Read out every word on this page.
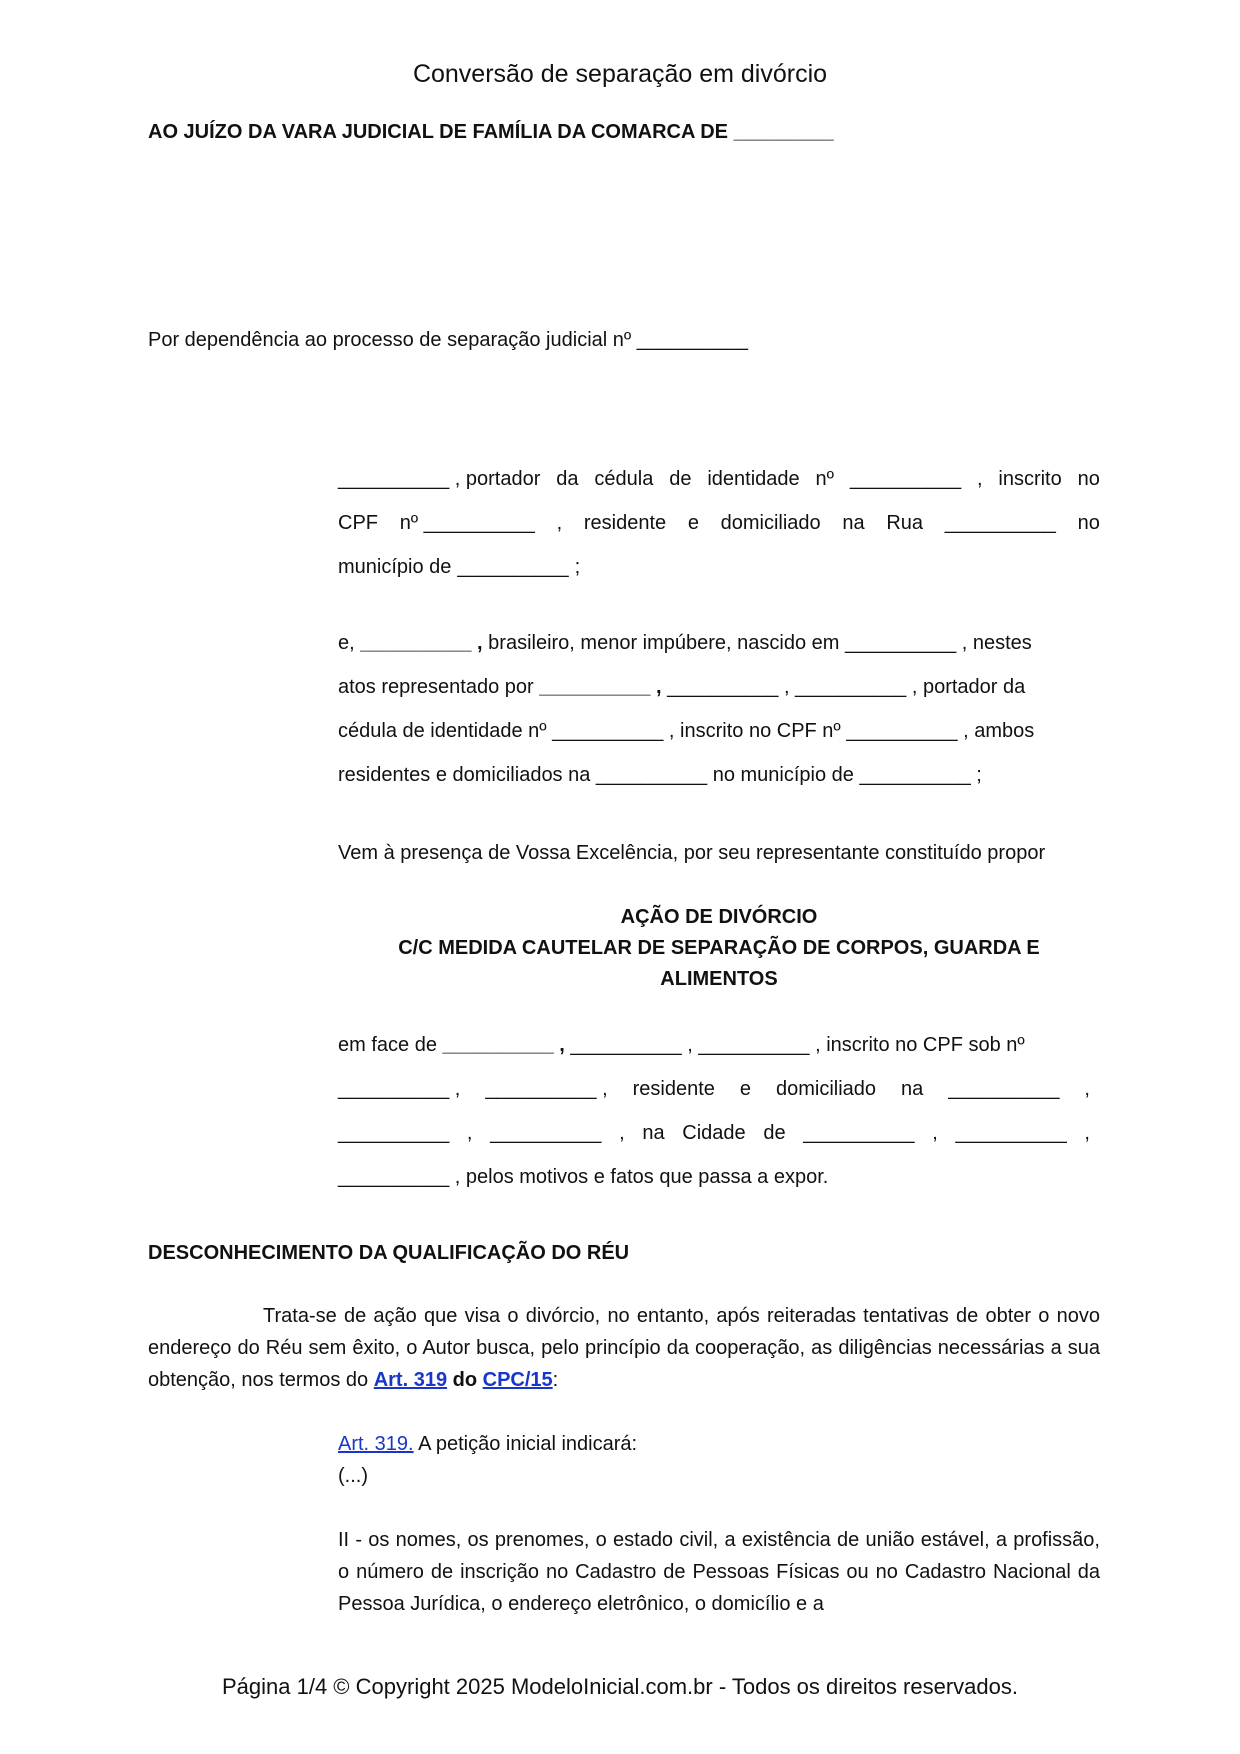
Conversão de separação em divórcio
AO JUÍZO DA VARA JUDICIAL DE FAMÍLIA DA COMARCA DE _________
Por dependência ao processo de separação judicial nº __________
__________ , portador da cédula de identidade nº __________ , inscrito no
CPF nº __________ , residente e domiciliado na Rua __________ no
município de __________ ;
e, __________ , brasileiro, menor impúbere, nascido em __________ , nestes
atos representado por __________ , __________ , __________ , portador da
cédula de identidade nº __________ , inscrito no CPF nº __________ , ambos
residentes e domiciliados na __________ no município de __________ ;
Vem à presença de Vossa Excelência, por seu representante constituído propor
AÇÃO DE DIVÓRCIO
C/C MEDIDA CAUTELAR DE SEPARAÇÃO DE CORPOS, GUARDA E
ALIMENTOS
em face de __________ , __________ , __________ , inscrito no CPF sob nº
__________ , __________ , residente e domiciliado na __________ ,
__________ , __________ , na Cidade de __________ , __________ ,
__________ , pelos motivos e fatos que passa a expor.
DESCONHECIMENTO DA QUALIFICAÇÃO DO RÉU
Trata-se de ação que visa o divórcio, no entanto, após reiteradas tentativas de obter o novo endereço do Réu sem êxito, o Autor busca, pelo princípio da cooperação, as diligências necessárias a sua obtenção, nos termos do Art. 319 do CPC/15:
Art. 319. A petição inicial indicará:
(...)
II - os nomes, os prenomes, o estado civil, a existência de união estável, a profissão, o número de inscrição no Cadastro de Pessoas Físicas ou no Cadastro Nacional da Pessoa Jurídica, o endereço eletrônico, o domicílio e a
Página 1/4 © Copyright 2025 ModeloInicial.com.br - Todos os direitos reservados.
